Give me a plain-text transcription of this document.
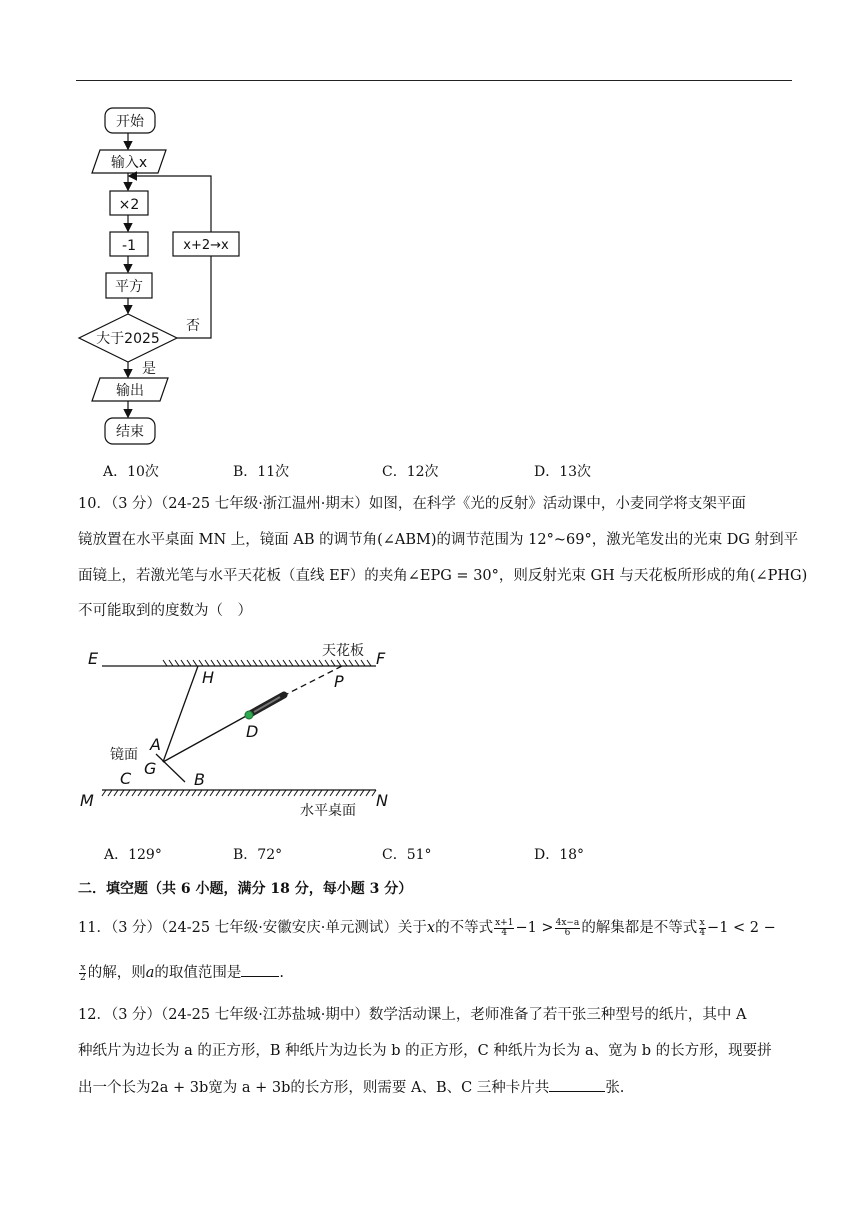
开始
输入x
×2
-1
平方
大于2025
否
是
x+2→x
输出
结束
A．10次	B．11次	C．12次	D．13次
10．（3 分）（24-25 七年级·浙江温州·期末）如图，在科学《光的反射》活动课中，小麦同学将支架平面
镜放置在水平桌面 MN 上，镜面 AB 的调节角(∠ABM)的调节范围为 12°~69°，激光笔发出的光束 DG 射到平
面镜上，若激光笔与水平天花板（直线 EF）的夹角∠EPG = 30°，则反射光束 GH 与天花板所形成的角(∠PHG)
不可能取到的度数为（　）
E	F
H	P
D
A
G
C	B
M	N
天花板
镜面
水平桌面
A．129°	B．72°	C．51°	D．18°
二．填空题（共 6 小题，满分 18 分，每小题 3 分）
11．（3 分）（24-25 七年级·安徽安庆·单元测试）关于x的不等式 $\frac{x+1}{4} -1 > \frac{4x-a}{6}$ 的解集都是不等式 $\frac{x}{4} -1 < 2$ −
$\frac{x}{2}$ 的解，则a的取值范围是	.
12．（3 分）（24-25 七年级·江苏盐城·期中）数学活动课上，老师准备了若干张三种型号的纸片，其中 A
种纸片为边长为 a 的正方形，B 种纸片为边长为 b 的正方形，C 种纸片为长为 a、宽为 b 的长方形，现要拼
出一个长为2a + 3b宽为 a + 3b的长方形，则需要 A、B、C 三种卡片共	张.
